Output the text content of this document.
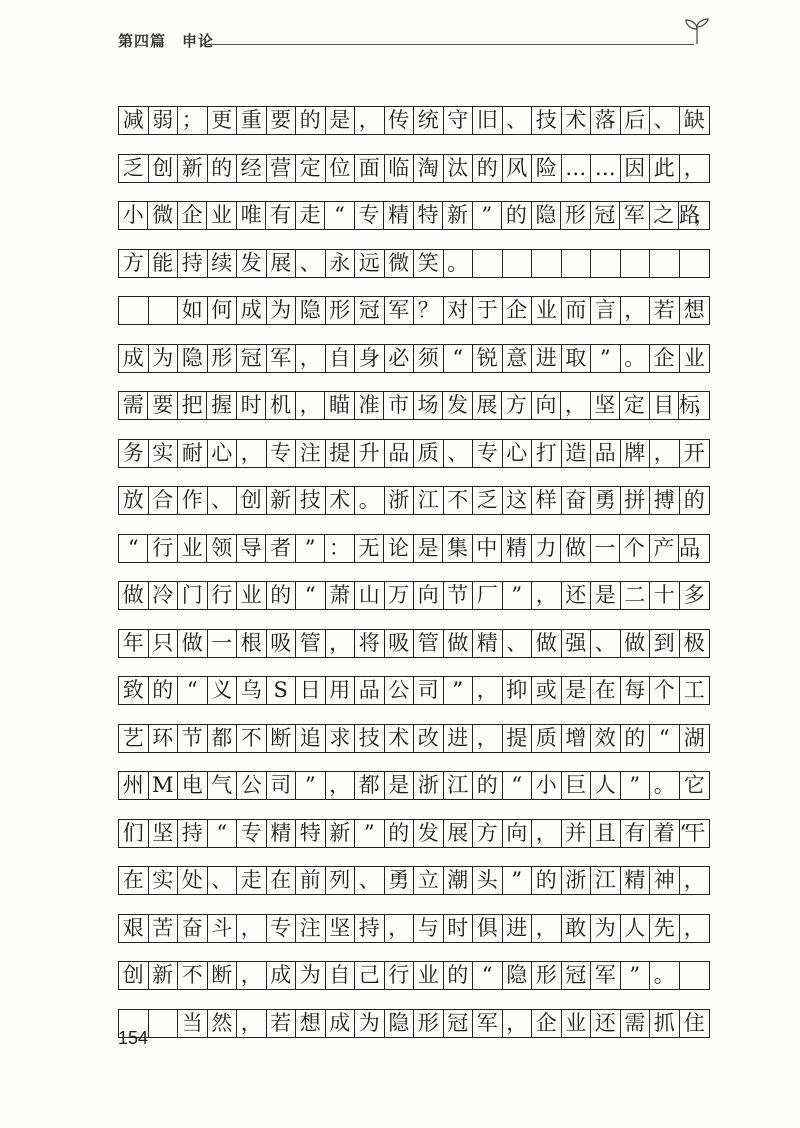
第四篇　申论
减 弱 ； 更 重 要 的 是 ， 传 统 守 旧 、 技 术 落 后 、 缺
乏 创 新 的 经 营 定 位 面 临 淘 汰 的 风 险 … … 因 此 ，
小 微 企 业 唯 有 走 “ 专 精 特 新 ” 的 隐 形 冠 军 之 路，
方 能 持 续 发 展 、 永 远 微 笑 。

如 何 成 为 隐 形 冠 军 ？ 对 于 企 业 而 言 ， 若 想
成 为 隐 形 冠 军 ， 自 身 必 须 “ 锐 意 进 取 ” 。 企 业
需 要 把 握 时 机 ， 瞄 准 市 场 发 展 方 向 ， 坚 定 目 标，
务 实 耐 心 ， 专 注 提 升 品 质 、 专 心 打 造 品 牌 ， 开
放 合 作 、 创 新 技 术 。 浙 江 不 乏 这 样 奋 勇 拼 搏 的
“ 行 业 领 导 者 ” ： 无 论 是 集 中 精 力 做 一 个 产 品，
做 冷 门 行 业 的 “ 萧 山 万 向 节 厂 ” ， 还 是 二 十 多
年 只 做 一 根 吸 管 ， 将 吸 管 做 精 、 做 强 、 做 到 极
致 的 “ 义 乌 S 日 用 品 公 司 ” ， 抑 或 是 在 每 个 工
艺 环 节 都 不 断 追 求 技 术 改 进 ， 提 质 增 效 的 “ 湖
州 M 电 气 公 司 ” ， 都 是 浙 江 的 “ 小 巨 人 ” 。 它
们 坚 持 “ 专 精 特 新 ” 的 发 展 方 向 ， 并 且 有 着 “干
在 实 处 、 走 在 前 列 、 勇 立 潮 头 ” 的 浙 江 精 神 ，
艰 苦 奋 斗 ， 专 注 坚 持 ， 与 时 俱 进 ， 敢 为 人 先 ，
创 新 不 断 ， 成 为 自 己 行 业 的 “ 隐 形 冠 军 ” 。

当 然 ， 若 想 成 为 隐 形 冠 军 ， 企 业 还 需 抓 住
154
